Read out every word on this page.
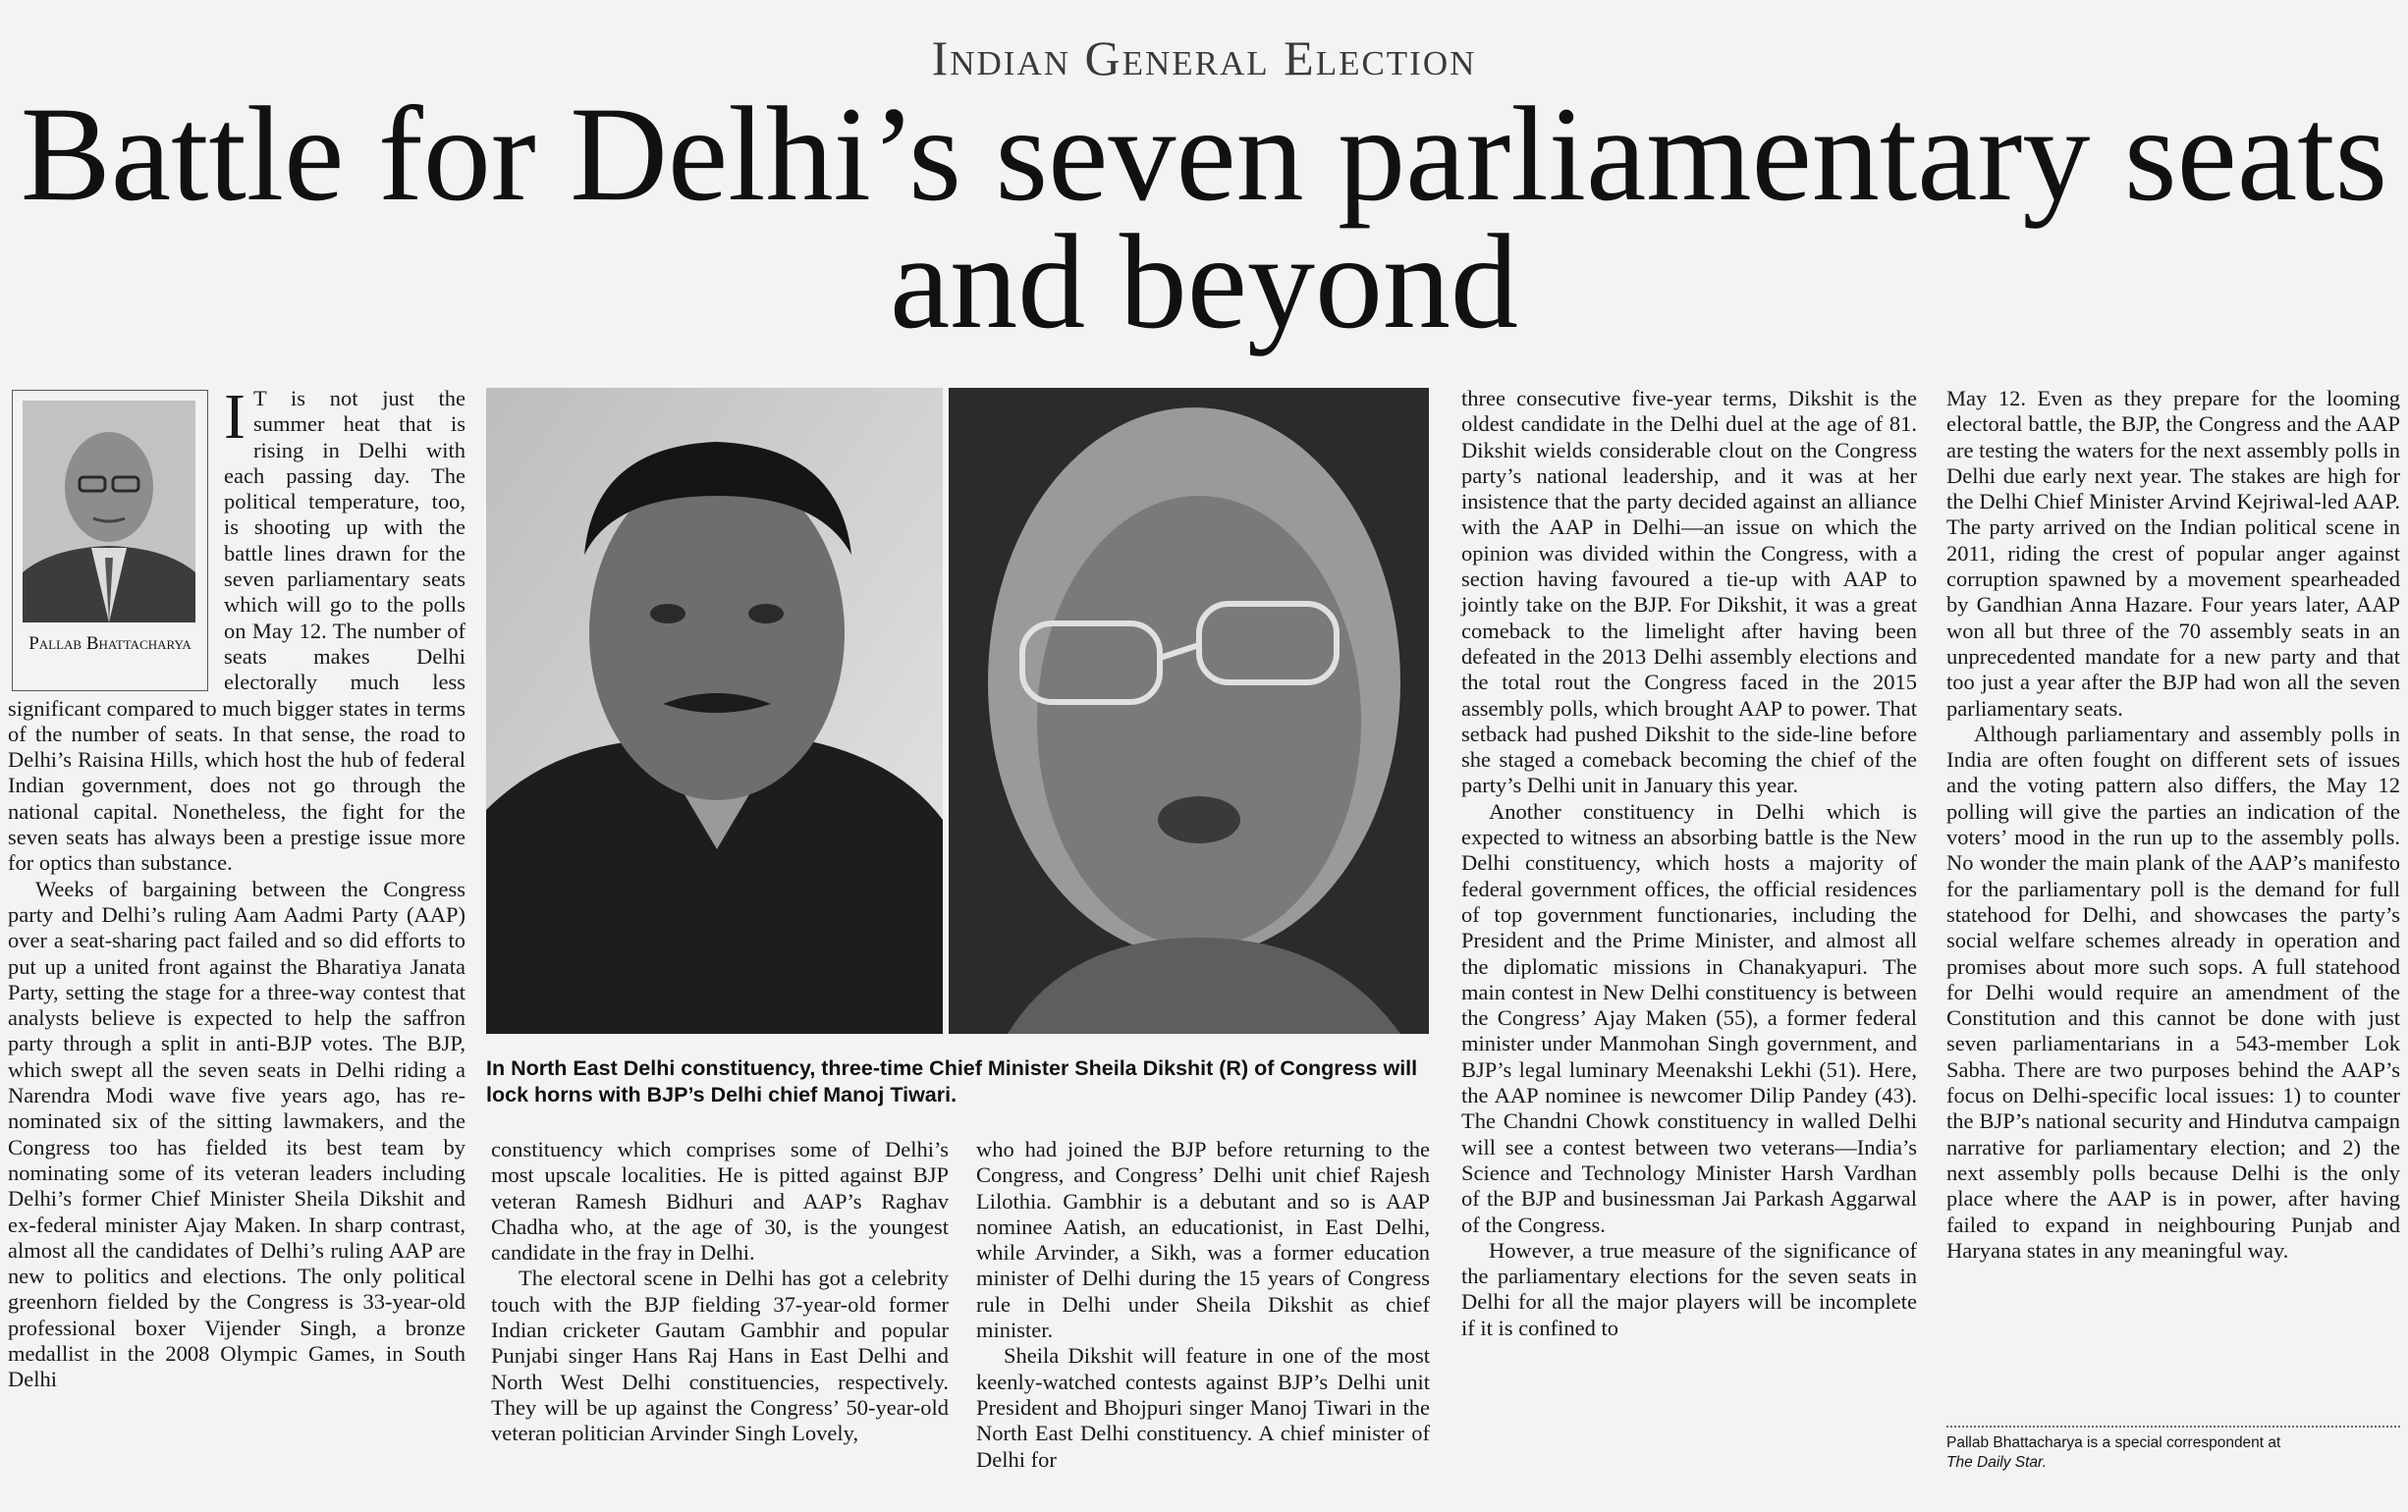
Indian General Election
Battle for Delhi’s seven parliamentary seats and beyond
Pallab Bhattacharya

I T is not just the summer heat that is rising in Delhi with each passing day. The political temperature, too, is shooting up with the battle lines drawn for the seven parliamentary seats which will go to the polls on May 12. The number of seats makes Delhi electorally much less significant compared to much bigger states in terms of the number of seats. In that sense, the road to Delhi’s Raisina Hills, which host the hub of federal Indian government, does not go through the national capital. Nonetheless, the fight for the seven seats has always been a prestige issue more for optics than substance.

Weeks of bargaining between the Congress party and Delhi’s ruling Aam Aadmi Party (AAP) over a seat-sharing pact failed and so did efforts to put up a united front against the Bharatiya Janata Party, setting the stage for a three-way contest that analysts believe is expected to help the saffron party through a split in anti-BJP votes. The BJP, which swept all the seven seats in Delhi riding a Narendra Modi wave five years ago, has re-nominated six of the sitting lawmakers, and the Congress too has fielded its best team by nominating some of its veteran leaders including Delhi’s former Chief Minister Sheila Dikshit and ex-federal minister Ajay Maken. In sharp contrast, almost all the candidates of Delhi’s ruling AAP are new to politics and elections. The only political greenhorn fielded by the Congress is 33-year-old professional boxer Vijender Singh, a bronze medallist in the 2008 Olympic Games, in South Delhi

In North East Delhi constituency, three-time Chief Minister Sheila Dikshit (R) of Congress will lock horns with BJP’s Delhi chief Manoj Tiwari.

constituency which comprises some of Delhi’s most upscale localities. He is pitted against BJP veteran Ramesh Bidhuri and AAP’s Raghav Chadha who, at the age of 30, is the youngest candidate in the fray in Delhi.

The electoral scene in Delhi has got a celebrity touch with the BJP fielding 37-year-old former Indian cricketer Gautam Gambhir and popular Punjabi singer Hans Raj Hans in East Delhi and North West Delhi constituencies, respectively. They will be up against the Congress’ 50-year-old veteran politician Arvinder Singh Lovely,

who had joined the BJP before returning to the Congress, and Congress’ Delhi unit chief Rajesh Lilothia. Gambhir is a debutant and so is AAP nominee Aatish, an educationist, in East Delhi, while Arvinder, a Sikh, was a former education minister of Delhi during the 15 years of Congress rule in Delhi under Sheila Dikshit as chief minister.

Sheila Dikshit will feature in one of the most keenly-watched contests against BJP’s Delhi unit President and Bhojpuri singer Manoj Tiwari in the North East Delhi constituency. A chief minister of Delhi for

three consecutive five-year terms, Dikshit is the oldest candidate in the Delhi duel at the age of 81. Dikshit wields considerable clout on the Congress party’s national leadership, and it was at her insistence that the party decided against an alliance with the AAP in Delhi—an issue on which the opinion was divided within the Congress, with a section having favoured a tie-up with AAP to jointly take on the BJP. For Dikshit, it was a great comeback to the limelight after having been defeated in the 2013 Delhi assembly elections and the total rout the Congress faced in the 2015 assembly polls, which brought AAP to power. That setback had pushed Dikshit to the side-line before she staged a comeback becoming the chief of the party’s Delhi unit in January this year.

Another constituency in Delhi which is expected to witness an absorbing battle is the New Delhi constituency, which hosts a majority of federal government offices, the official residences of top government functionaries, including the President and the Prime Minister, and almost all the diplomatic missions in Chanakyapuri. The main contest in New Delhi constituency is between the Congress’ Ajay Maken (55), a former federal minister under Manmohan Singh government, and BJP’s legal luminary Meenakshi Lekhi (51). Here, the AAP nominee is newcomer Dilip Pandey (43). The Chandni Chowk constituency in walled Delhi will see a contest between two veterans—India’s Science and Technology Minister Harsh Vardhan of the BJP and businessman Jai Parkash Aggarwal of the Congress.

However, a true measure of the significance of the parliamentary elections for the seven seats in Delhi for all the major players will be incomplete if it is confined to

May 12. Even as they prepare for the looming electoral battle, the BJP, the Congress and the AAP are testing the waters for the next assembly polls in Delhi due early next year. The stakes are high for the Delhi Chief Minister Arvind Kejriwal-led AAP. The party arrived on the Indian political scene in 2011, riding the crest of popular anger against corruption spawned by a movement spearheaded by Gandhian Anna Hazare. Four years later, AAP won all but three of the 70 assembly seats in an unprecedented mandate for a new party and that too just a year after the BJP had won all the seven parliamentary seats.

Although parliamentary and assembly polls in India are often fought on different sets of issues and the voting pattern also differs, the May 12 polling will give the parties an indication of the voters’ mood in the run up to the assembly polls. No wonder the main plank of the AAP’s manifesto for the parliamentary poll is the demand for full statehood for Delhi, and showcases the party’s social welfare schemes already in operation and promises about more such sops. A full statehood for Delhi would require an amendment of the Constitution and this cannot be done with just seven parliamentarians in a 543-member Lok Sabha. There are two purposes behind the AAP’s focus on Delhi-specific local issues: 1) to counter the BJP’s national security and Hindutva campaign narrative for parliamentary election; and 2) the next assembly polls because Delhi is the only place where the AAP is in power, after having failed to expand in neighbouring Punjab and Haryana states in any meaningful way.

Pallab Bhattacharya is a special correspondent at
The Daily Star.
